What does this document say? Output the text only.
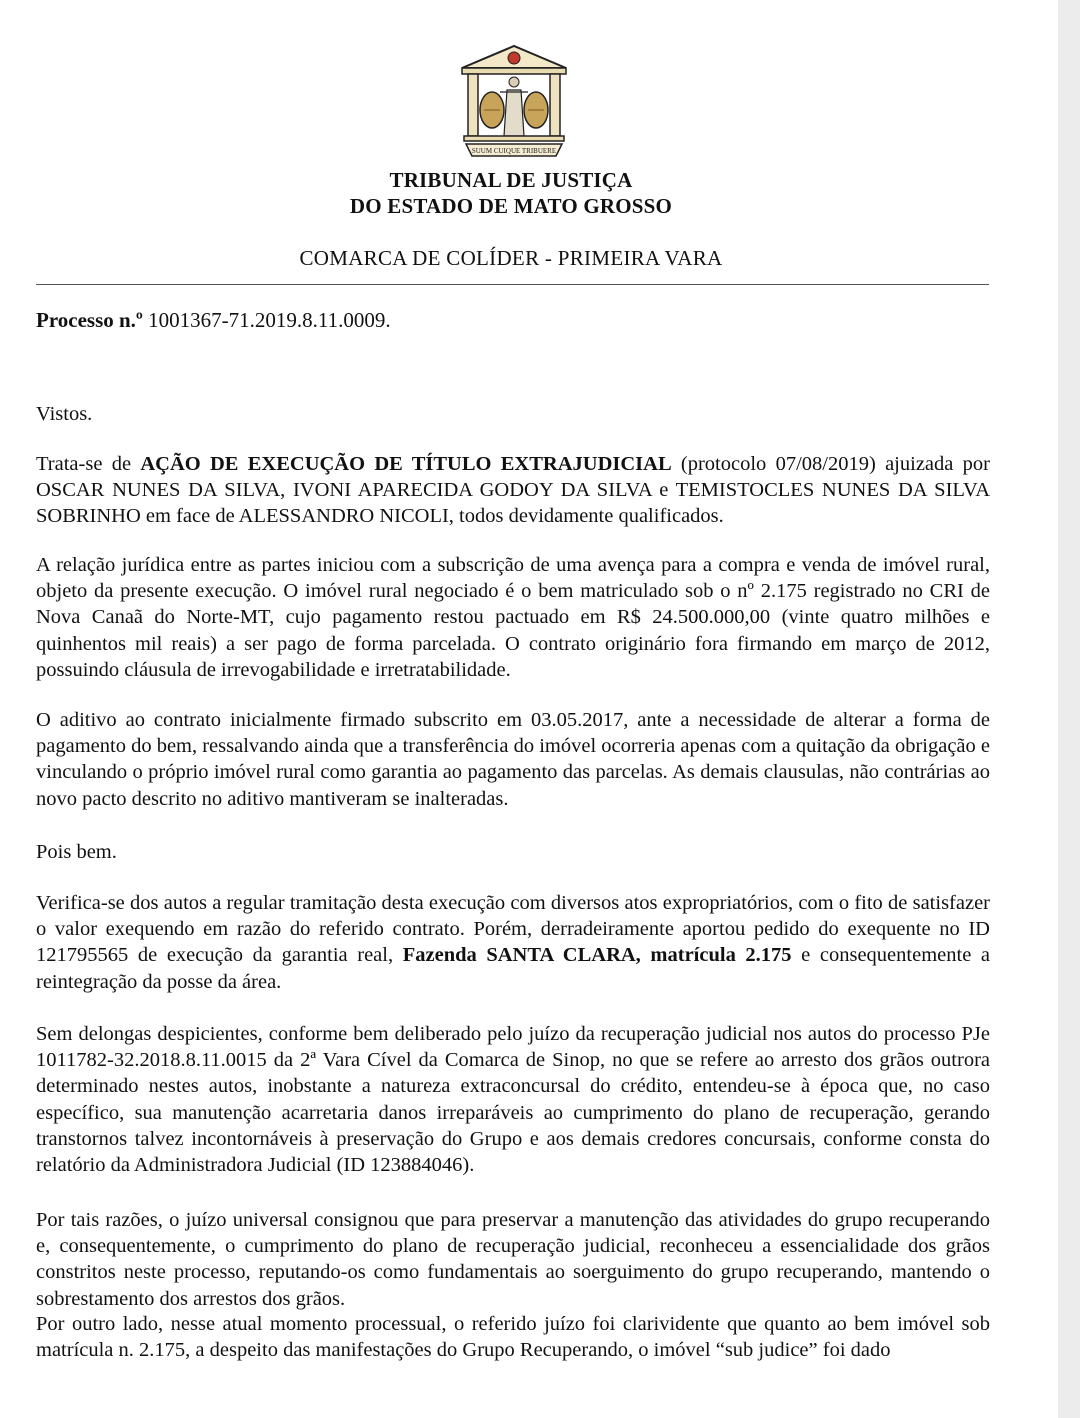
SUUM CUIQUE TRIBUERE
TRIBUNAL DE JUSTIÇA
DO ESTADO DE MATO GROSSO
COMARCA DE COLÍDER - PRIMEIRA VARA
Processo n.º 1001367-71.2019.8.11.0009.

Vistos.

Trata-se de AÇÃO DE EXECUÇÃO DE TÍTULO EXTRAJUDICIAL (protocolo 07/08/2019) ajuizada por OSCAR NUNES DA SILVA, IVONI APARECIDA GODOY DA SILVA e TEMISTOCLES NUNES DA SILVA SOBRINHO em face de ALESSANDRO NICOLI, todos devidamente qualificados.

A relação jurídica entre as partes iniciou com a subscrição de uma avença para a compra e venda de imóvel rural, objeto da presente execução. O imóvel rural negociado é o bem matriculado sob o nº 2.175 registrado no CRI de Nova Canaã do Norte-MT, cujo pagamento restou pactuado em R$ 24.500.000,00 (vinte quatro milhões e quinhentos mil reais) a ser pago de forma parcelada. O contrato originário fora firmando em março de 2012, possuindo cláusula de irrevogabilidade e irretratabilidade.

O aditivo ao contrato inicialmente firmado subscrito em 03.05.2017, ante a necessidade de alterar a forma de pagamento do bem, ressalvando ainda que a transferência do imóvel ocorreria apenas com a quitação da obrigação e vinculando o próprio imóvel rural como garantia ao pagamento das parcelas. As demais clausulas, não contrárias ao novo pacto descrito no aditivo mantiveram se inalteradas.

Pois bem.

Verifica-se dos autos a regular tramitação desta execução com diversos atos expropriatórios, com o fito de satisfazer o valor exequendo em razão do referido contrato. Porém, derradeiramente aportou pedido do exequente no ID 121795565 de execução da garantia real, Fazenda SANTA CLARA, matrícula 2.175 e consequentemente a reintegração da posse da área.

Sem delongas despicientes, conforme bem deliberado pelo juízo da recuperação judicial nos autos do processo PJe 1011782-32.2018.8.11.0015 da 2ª Vara Cível da Comarca de Sinop, no que se refere ao arresto dos grãos outrora determinado nestes autos, inobstante a natureza extraconcursal do crédito, entendeu-se à época que, no caso específico, sua manutenção acarretaria danos irreparáveis ao cumprimento do plano de recuperação, gerando transtornos talvez incontornáveis à preservação do Grupo e aos demais credores concursais, conforme consta do relatório da Administradora Judicial (ID 123884046).

Por tais razões, o juízo universal consignou que para preservar a manutenção das atividades do grupo recuperando e, consequentemente, o cumprimento do plano de recuperação judicial, reconheceu a essencialidade dos grãos constritos neste processo, reputando-os como fundamentais ao soerguimento do grupo recuperando, mantendo o sobrestamento dos arrestos dos grãos.

Por outro lado, nesse atual momento processual, o referido juízo foi clarividente que quanto ao bem imóvel sob matrícula n. 2.175, a despeito das manifestações do Grupo Recuperando, o imóvel “sub judice” foi dado
